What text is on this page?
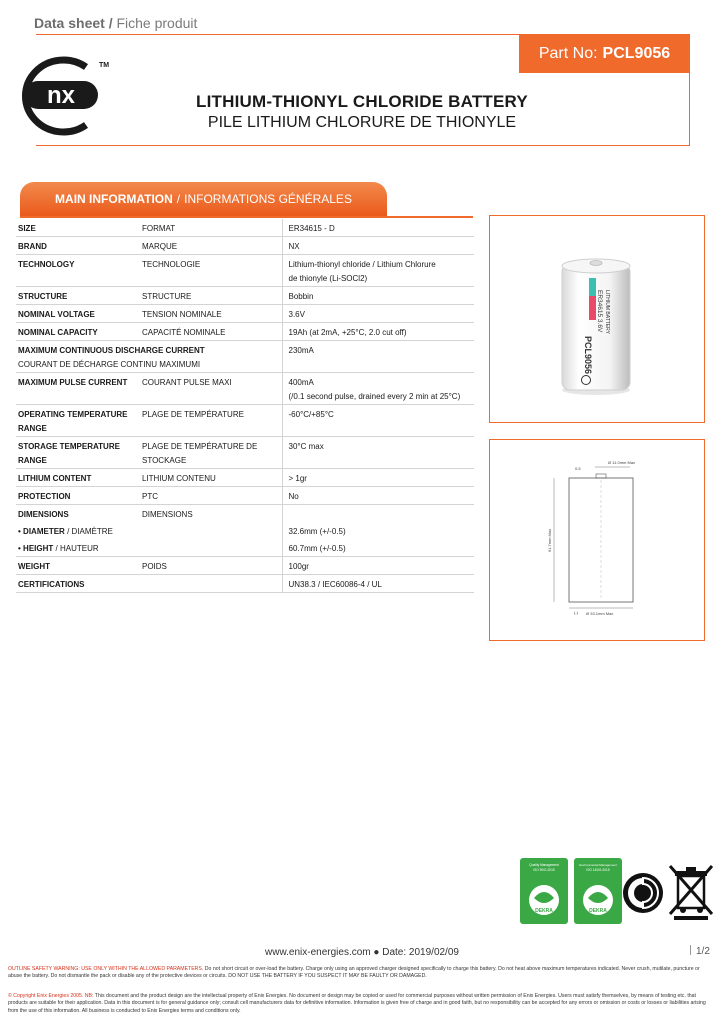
Data sheet / Fiche produit
Part No: PCL9056
nx
TM
LITHIUM-THIONYL CHLORIDE BATTERY
PILE LITHIUM CHLORURE DE THIONYLE
MAIN INFORMATION / INFORMATIONS GÉNÉRALES
SIZE	FORMAT	ER34615 - D
BRAND	MARQUE	NX
TECHNOLOGY	TECHNOLOGIE	Lithium-thionyl chloride / Lithium Chlorure
de thionyle (Li-SOCl2)

STRUCTURE	STRUCTURE	Bobbin
NOMINAL VOLTAGE	TENSION NOMINALE	3.6V
NOMINAL CAPACITY	CAPACITÉ NOMINALE	19Ah (at 2mA, +25°C, 2.0 cut off)

MAXIMUM CONTINUOUS DISCHARGE CURRENT
COURANT DE DÉCHARGE CONTINU MAXIMUMI		230mA
MAXIMUM PULSE CURRENT	COURANT PULSE MAXI	400mA
(/0.1 second pulse, drained every 2 min at 25°C)

OPERATING TEMPERATURE RANGE	PLAGE DE TEMPÉRATURE	-60°C/+85°C
STORAGE TEMPERATURE RANGE	PLAGE DE TEMPÉRATURE DE STOCKAGE	30°C max
LITHIUM CONTENT	LITHIUM CONTENU	> 1gr
PROTECTION	PTC	No
DIMENSIONS	DIMENSIONS	
• DIAMETER / DIAMÈTRE		32.6mm (+/-0.5)
• HEIGHT / HAUTEUR		60.7mm (+/-0.5)
WEIGHT	POIDS	100gr
CERTIFICATIONS		UN38.3 / IEC60086-4 / UL
PCL9056
ER34615 3.6V LITHIUM BATTERY
Ø 11.0mm Max
0.5
61.7mm Max
Ø 33.1mm Max
(-)
Quality Management
ISO 9001:2015
DEKRA
Environmental Management
ISO 14001:2015
DEKRA
www.enix-energies.com ● Date: 2019/02/09	1/2
OUTLINE SAFETY WARNING: USE ONLY WITHIN THE ALLOWED PARAMETERS. Do not short circuit or over-load the battery. Charge only using an approved charger designed specifically to charge this battery. Do not heat above maximum temperatures indicated. Never crush, mutilate, puncture or abuse the battery. Do not dismantle the pack or disable any of the protective devices or circuits. DO NOT USE THE BATTERY IF YOU SUSPECT IT MAY BE FAULTY OR DAMAGED.
© Copyright Enix Energies 2005. NB: This document and the product design are the intellectual property of Enix Energies. No document or design may be copied or used for commercial purposes without written permission of Enix Energies. Users must satisfy themselves, by means of testing etc. that products are suitable for their application. Data in this document is for general guidance only; consult cell manufacturers data for definitive information. Information is given free of charge and in good faith, but no responsibility can be accepted for any errors or omission or costs or losses or liabilities arising from the use of this information. All business is conducted to Enix Energies terms and conditions only.
